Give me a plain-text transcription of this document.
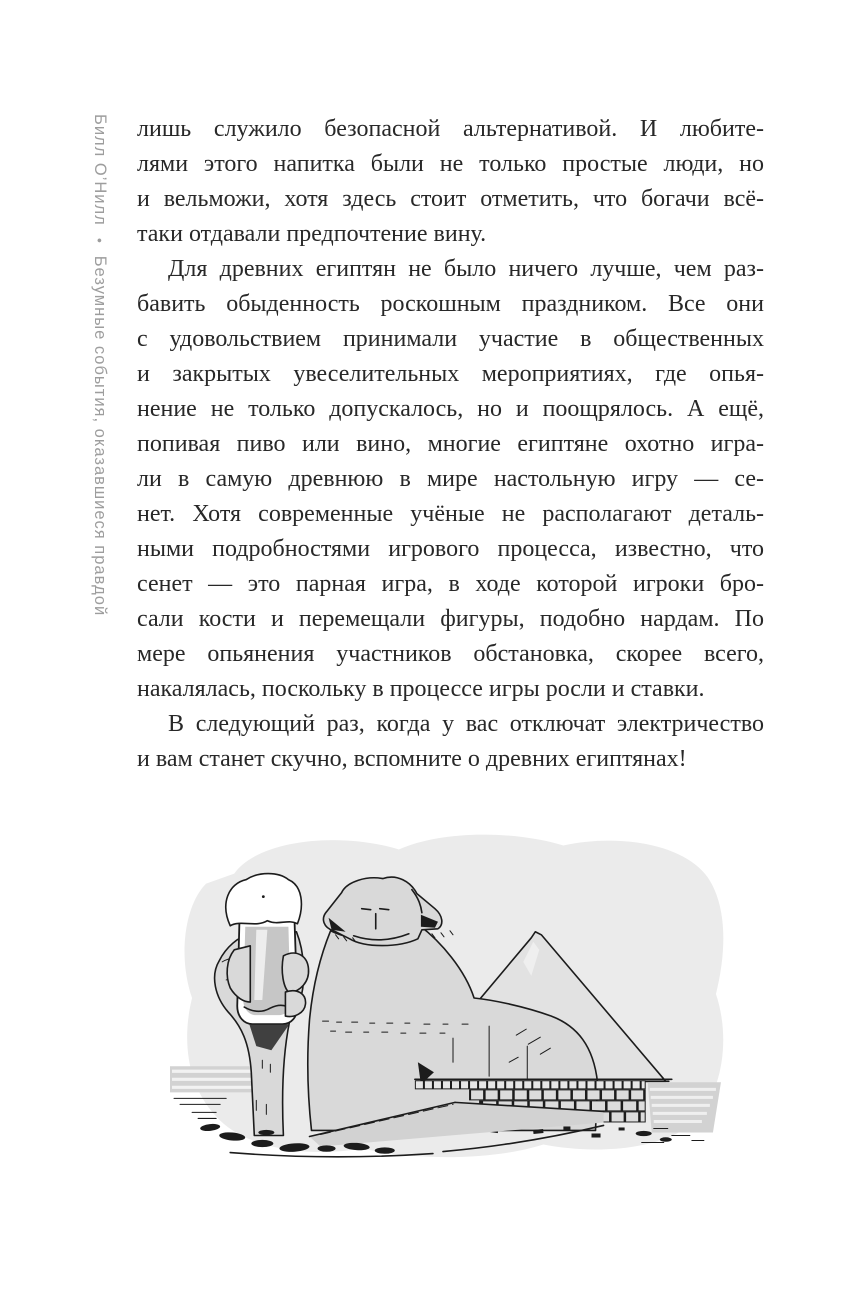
Билл О’Нилл•Безумные события, оказавшиеся правдой
лишь служило безопасной альтернативой. И любите-
лями этого напитка были не только простые люди, но
и вельможи, хотя здесь стоит отметить, что богачи всё-
таки отдавали предпочтение вину.
Для древних египтян не было ничего лучше, чем раз-
бавить обыденность роскошным праздником. Все они
с удовольствием принимали участие в общественных
и закрытых увеселительных мероприятиях, где опья-
нение не только допускалось, но и поощрялось. А ещё,
попивая пиво или вино, многие египтяне охотно игра-
ли в самую древнюю в мире настольную игру — се-
нет. Хотя современные учёные не располагают деталь-
ными подробностями игрового процесса, известно, что
сенет — это парная игра, в ходе которой игроки бро-
сали кости и перемещали фигуры, подобно нардам. По
мере опьянения участников обстановка, скорее всего,
накалялась, поскольку в процессе игры росли и ставки.
В следующий раз, когда у вас отключат электричество
и вам станет скучно, вспомните о древних египтянах!
